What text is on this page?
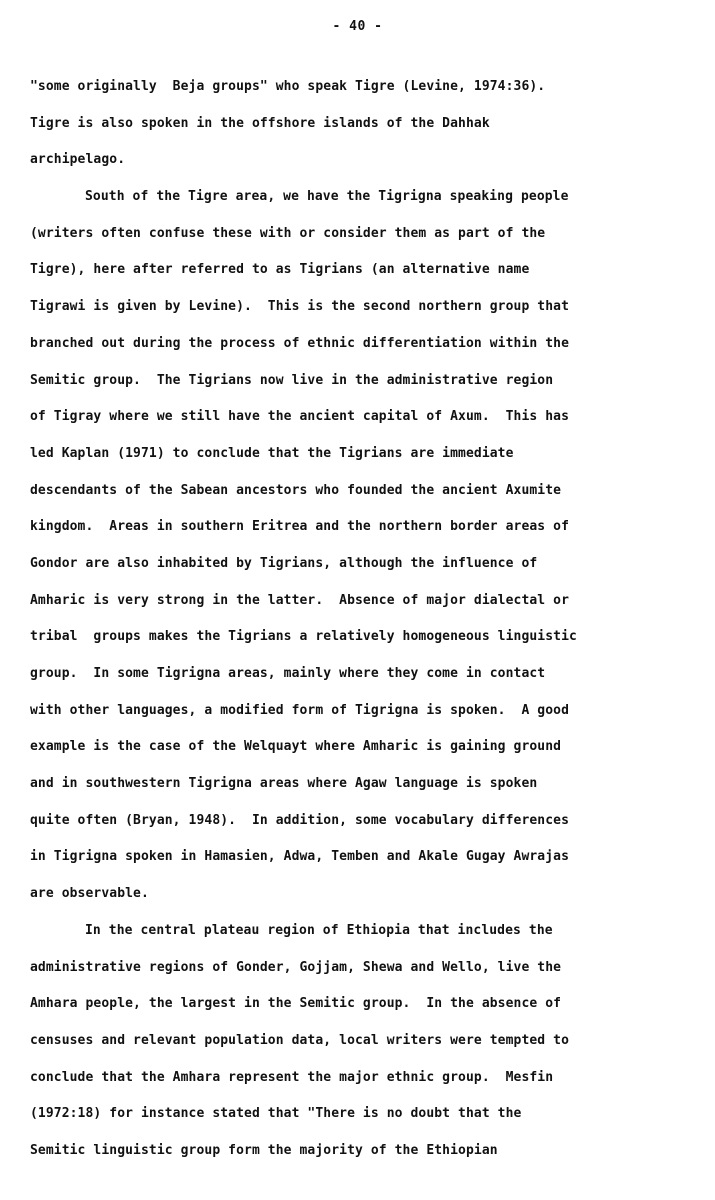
- 40 -
"some originally  Beja groups" who speak Tigre (Levine, 1974:36).
Tigre is also spoken in the offshore islands of the Dahhak
archipelago.
South of the Tigre area, we have the Tigrigna speaking people
(writers often confuse these with or consider them as part of the
Tigre), here after referred to as Tigrians (an alternative name
Tigrawi is given by Levine).  This is the second northern group that
branched out during the process of ethnic differentiation within the
Semitic group.  The Tigrians now live in the administrative region
of Tigray where we still have the ancient capital of Axum.  This has
led Kaplan (1971) to conclude that the Tigrians are immediate
descendants of the Sabean ancestors who founded the ancient Axumite
kingdom.  Areas in southern Eritrea and the northern border areas of
Gondor are also inhabited by Tigrians, although the influence of
Amharic is very strong in the latter.  Absence of major dialectal or
tribal  groups makes the Tigrians a relatively homogeneous linguistic
group.  In some Tigrigna areas, mainly where they come in contact
with other languages, a modified form of Tigrigna is spoken.  A good
example is the case of the Welquayt where Amharic is gaining ground
and in southwestern Tigrigna areas where Agaw language is spoken
quite often (Bryan, 1948).  In addition, some vocabulary differences
in Tigrigna spoken in Hamasien, Adwa, Temben and Akale Gugay Awrajas
are observable.
In the central plateau region of Ethiopia that includes the
administrative regions of Gonder, Gojjam, Shewa and Wello, live the
Amhara people, the largest in the Semitic group.  In the absence of
censuses and relevant population data, local writers were tempted to
conclude that the Amhara represent the major ethnic group.  Mesfin
(1972:18) for instance stated that "There is no doubt that the
Semitic linguistic group form the majority of the Ethiopian
